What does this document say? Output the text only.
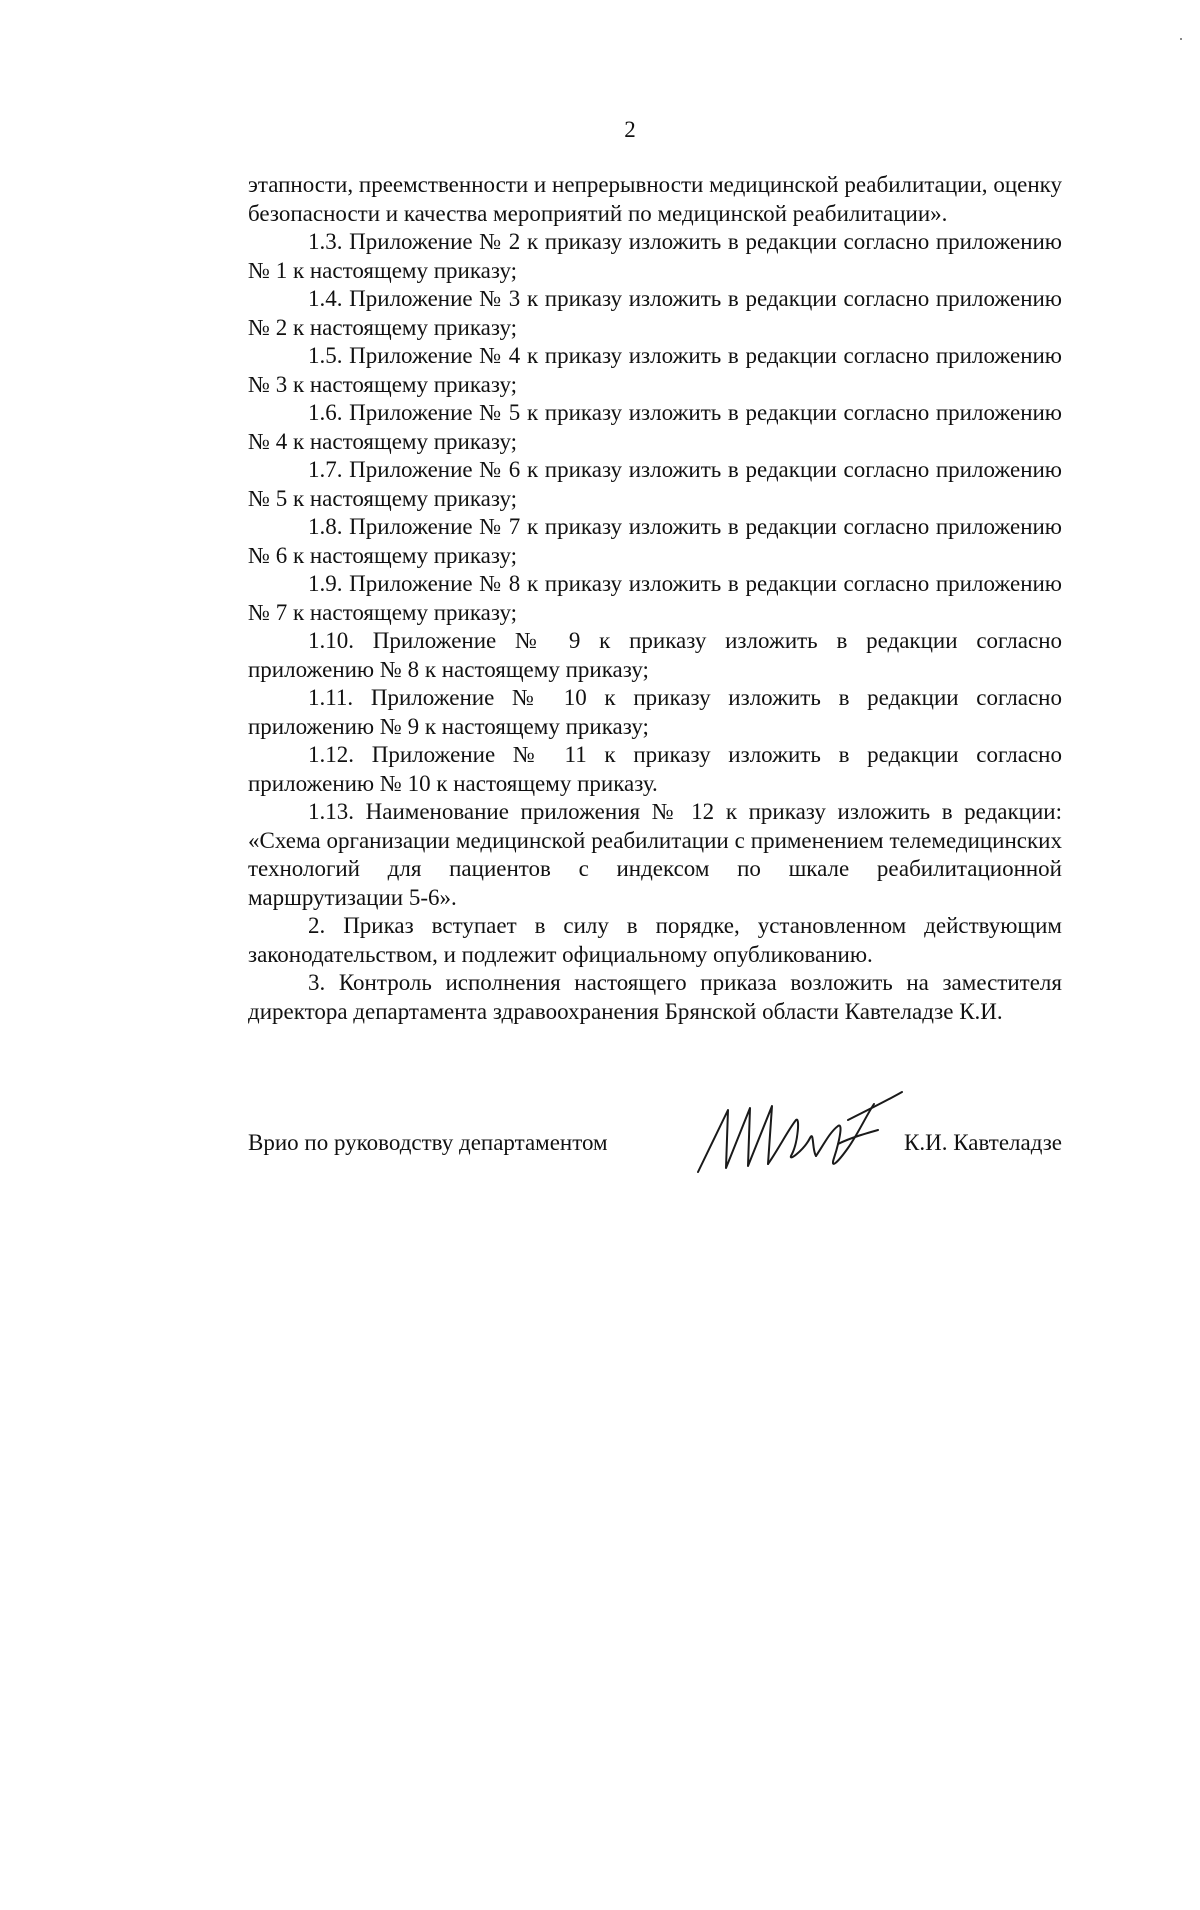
2

этапности, преемственности и непрерывности медицинской реабилитации, оценку безопасности и качества мероприятий по медицинской реабилитации».

1.3. Приложение № 2 к приказу изложить в редакции согласно приложению № 1 к настоящему приказу;

1.4. Приложение № 3 к приказу изложить в редакции согласно приложению № 2 к настоящему приказу;

1.5. Приложение № 4 к приказу изложить в редакции согласно приложению № 3 к настоящему приказу;

1.6. Приложение № 5 к приказу изложить в редакции согласно приложению № 4 к настоящему приказу;

1.7. Приложение № 6 к приказу изложить в редакции согласно приложению № 5 к настоящему приказу;

1.8. Приложение № 7 к приказу изложить в редакции согласно приложению № 6 к настоящему приказу;

1.9. Приложение № 8 к приказу изложить в редакции согласно приложению № 7 к настоящему приказу;

1.10. Приложение № 9 к приказу изложить в редакции согласно приложению № 8 к настоящему приказу;

1.11. Приложение № 10 к приказу изложить в редакции согласно приложению № 9 к настоящему приказу;

1.12. Приложение № 11 к приказу изложить в редакции согласно приложению № 10 к настоящему приказу.

1.13. Наименование приложения № 12 к приказу изложить в редакции: «Схема организации медицинской реабилитации с применением телемедицинских технологий для пациентов с индексом по шкале реабилитационной маршрутизации 5-6».

2. Приказ вступает в силу в порядке, установленном действующим законодательством, и подлежит официальному опубликованию.

3. Контроль исполнения настоящего приказа возложить на заместителя директора департамента здравоохранения Брянской области Кавтеладзе К.И.

Врио по руководству департаментом	К.И. Кавтеладзе
